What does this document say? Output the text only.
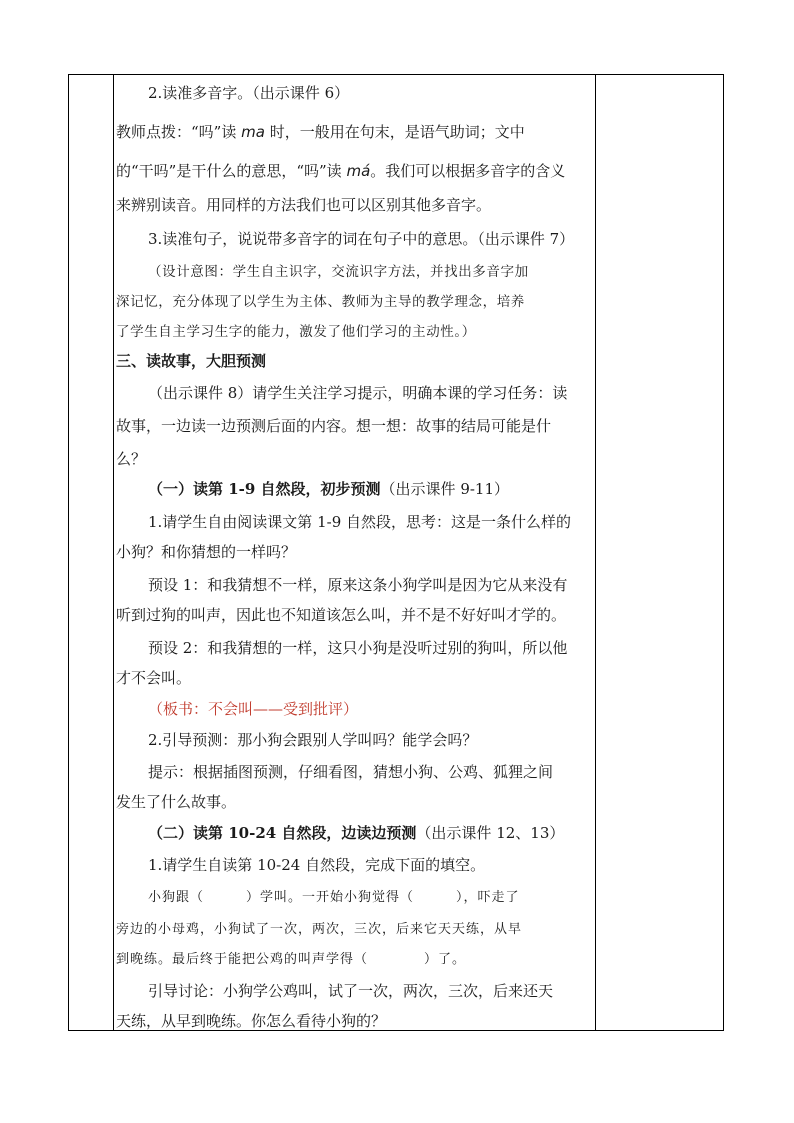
2.读准多音字。（出示课件 6）
教师点拨：“吗”读 ma 时，一般用在句末，是语气助词；文中
的“干吗”是干什么的意思，“吗”读 má。我们可以根据多音字的含义
来辨别读音。用同样的方法我们也可以区别其他多音字。
3.读准句子，说说带多音字的词在句子中的意思。（出示课件 7）
（设计意图：学生自主识字，交流识字方法，并找出多音字加
深记忆，充分体现了以学生为主体、教师为主导的教学理念，培养
了学生自主学习生字的能力，激发了他们学习的主动性。）
三、读故事，大胆预测
（出示课件 8）请学生关注学习提示，明确本课的学习任务：读
故事，一边读一边预测后面的内容。想一想：故事的结局可能是什
么？
（一）读第 1-9 自然段，初步预测（出示课件 9-11）
1.请学生自由阅读课文第 1-9 自然段，思考：这是一条什么样的
小狗？和你猜想的一样吗？
预设 1：和我猜想不一样，原来这条小狗学叫是因为它从来没有
听到过狗的叫声，因此也不知道该怎么叫，并不是不好好叫才学的。
预设 2：和我猜想的一样，这只小狗是没听过别的狗叫，所以他
才不会叫。
（板书：不会叫——受到批评）
2.引导预测：那小狗会跟别人学叫吗？能学会吗？
提示：根据插图预测，仔细看图，猜想小狗、公鸡、狐狸之间
发生了什么故事。
（二）读第 10-24 自然段，边读边预测（出示课件 12、13）
1.请学生自读第 10-24 自然段，完成下面的填空。
小狗跟（　　　）学叫。一开始小狗觉得（　　　），吓走了
旁边的小母鸡，小狗试了一次，两次，三次，后来它天天练，从早
到晚练。最后终于能把公鸡的叫声学得（　　　　）了。
引导讨论：小狗学公鸡叫，试了一次，两次，三次，后来还天
天练，从早到晚练。你怎么看待小狗的？
